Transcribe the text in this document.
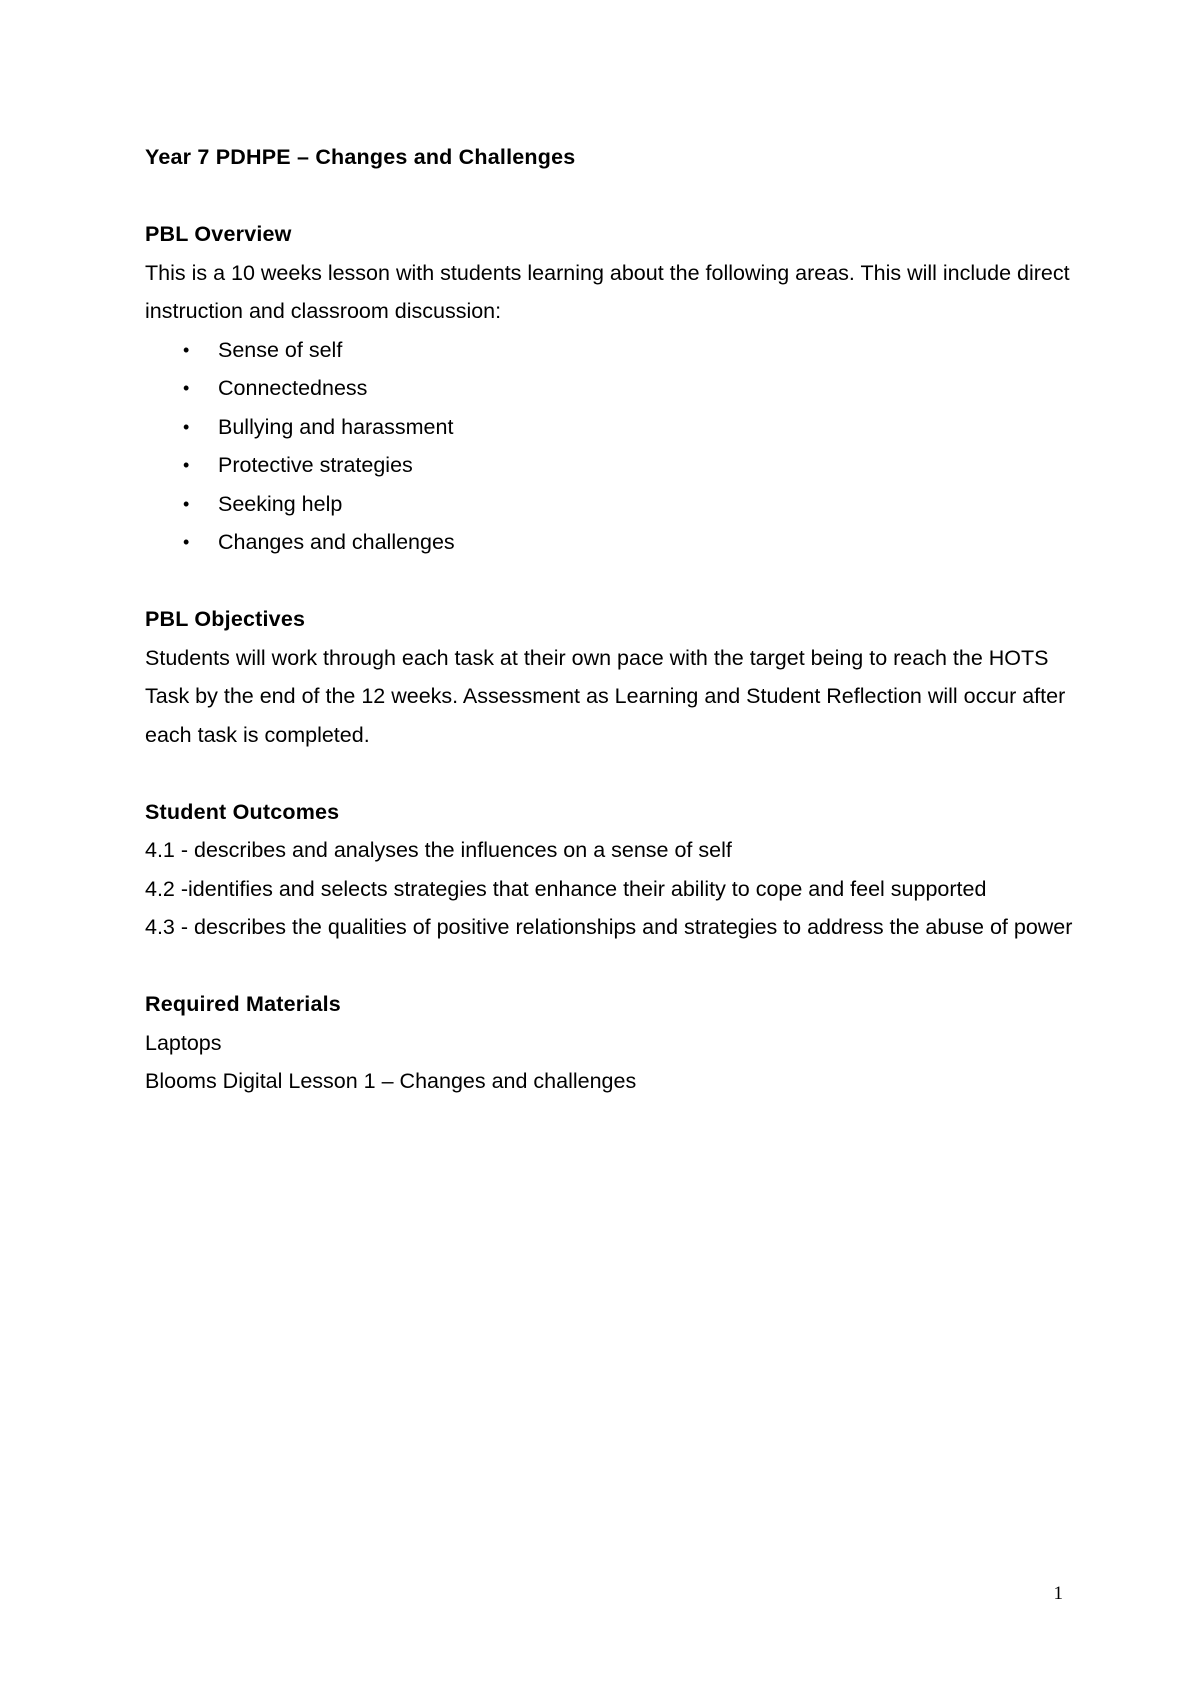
Year 7 PDHPE – Changes and Challenges

PBL Overview

This is a 10 weeks lesson with students learning about the following areas. This will include direct instruction and classroom discussion:

• Sense of self
• Connectedness
• Bullying and harassment
• Protective strategies
• Seeking help
• Changes and challenges

PBL Objectives

Students will work through each task at their own pace with the target being to reach the HOTS Task by the end of the 12 weeks. Assessment as Learning and Student Reflection will occur after each task is completed.

Student Outcomes

4.1 - describes and analyses the influences on a sense of self

4.2 -identifies and selects strategies that enhance their ability to cope and feel supported

4.3 - describes the qualities of positive relationships and strategies to address the abuse of power

Required Materials

Laptops

Blooms Digital Lesson 1 – Changes and challenges

1
